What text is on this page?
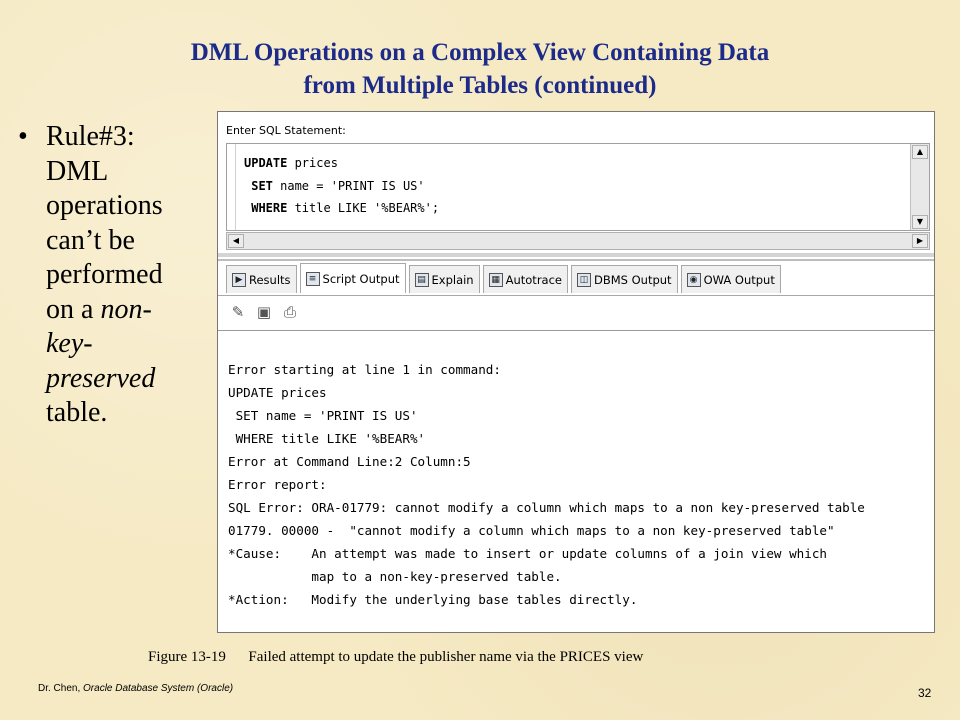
DML Operations on a Complex View Containing Data
from Multiple Tables (continued)
• Rule#3: DML operations can’t be performed on a non-key-preserved table.
Enter SQL Statement:
UPDATE prices
SET name = 'PRINT IS US'
WHERE title LIKE '%BEAR%';
▲
▼
◀	▶
▶ Results	≡ Script Output	▤ Explain	▦ Autotrace	◫ DBMS Output	◉ OWA Output
✎ ▣ ⎙
Error starting at line 1 in command:
UPDATE prices
SET name = 'PRINT IS US'
WHERE title LIKE '%BEAR%'
Error at Command Line:2 Column:5
Error report:
SQL Error: ORA-01779: cannot modify a column which maps to a non key-preserved table
01779. 00000 -  "cannot modify a column which maps to a non key-preserved table"
*Cause:    An attempt was made to insert or update columns of a join view which
map to a non-key-preserved table.
*Action:   Modify the underlying base tables directly.
Figure 13-19      Failed attempt to update the publisher name via the PRICES view
Dr. Chen, Oracle Database System (Oracle)	32
